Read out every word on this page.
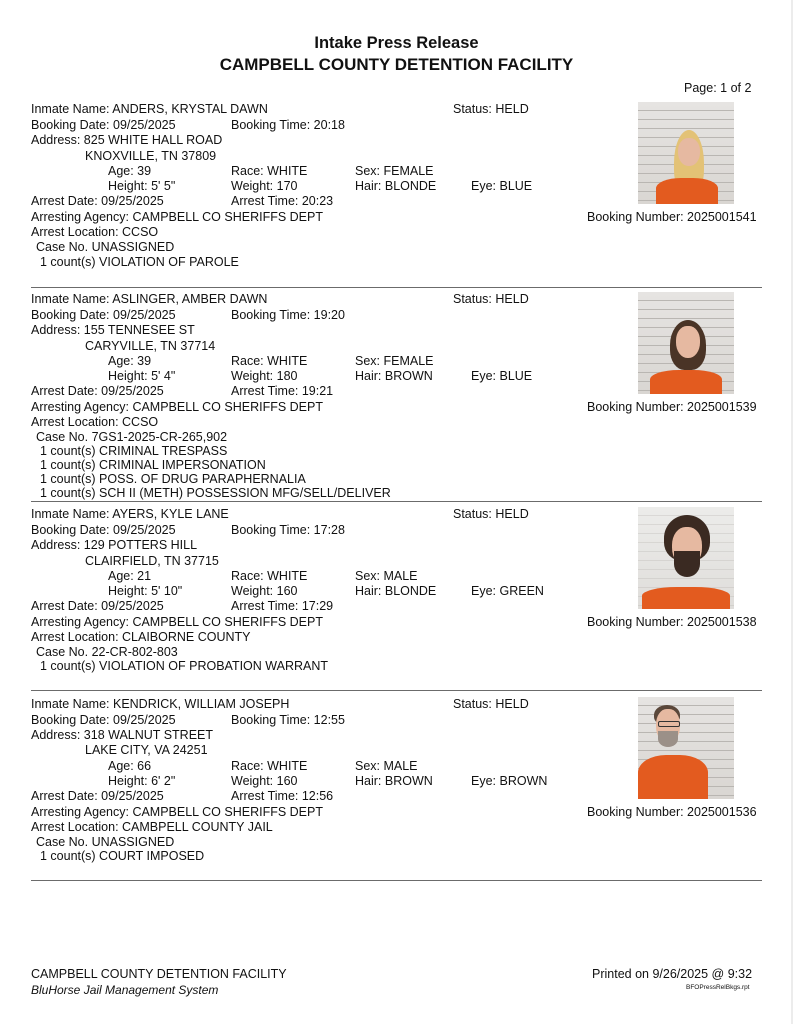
Intake Press Release
CAMPBELL COUNTY DETENTION FACILITY
Page: 1 of 2
Inmate Name: ANDERS, KRYSTAL DAWN	Status: HELD
Booking Date: 09/25/2025	Booking Time: 20:18
Address: 825 WHITE HALL ROAD
KNOXVILLE, TN 37809
Age: 39	Race: WHITE	Sex: FEMALE
Height: 5' 5"	Weight: 170	Hair: BLONDE	Eye: BLUE
Arrest Date: 09/25/2025	Arrest Time: 20:23
Arresting Agency: CAMPBELL CO SHERIFFS DEPT	Booking Number: 2025001541
Arrest Location: CCSO
Case No. UNASSIGNED
1 count(s) VIOLATION OF PAROLE
Inmate Name: ASLINGER, AMBER DAWN	Status: HELD
Booking Date: 09/25/2025	Booking Time: 19:20
Address: 155 TENNESEE ST
CARYVILLE, TN 37714
Age: 39	Race: WHITE	Sex: FEMALE
Height: 5' 4"	Weight: 180	Hair: BROWN	Eye: BLUE
Arrest Date: 09/25/2025	Arrest Time: 19:21
Arresting Agency: CAMPBELL CO SHERIFFS DEPT	Booking Number: 2025001539
Arrest Location: CCSO
Case No. 7GS1-2025-CR-265,902
1 count(s) CRIMINAL TRESPASS
1 count(s) CRIMINAL IMPERSONATION
1 count(s) POSS. OF DRUG PARAPHERNALIA
1 count(s) SCH II (METH) POSSESSION MFG/SELL/DELIVER
Inmate Name: AYERS, KYLE LANE	Status: HELD
Booking Date: 09/25/2025	Booking Time: 17:28
Address: 129 POTTERS HILL
CLAIRFIELD, TN 37715
Age: 21	Race: WHITE	Sex: MALE
Height: 5' 10"	Weight: 160	Hair: BLONDE	Eye: GREEN
Arrest Date: 09/25/2025	Arrest Time: 17:29
Arresting Agency: CAMPBELL CO SHERIFFS DEPT	Booking Number: 2025001538
Arrest Location: CLAIBORNE COUNTY
Case No. 22-CR-802-803
1 count(s) VIOLATION OF PROBATION WARRANT
Inmate Name: KENDRICK, WILLIAM JOSEPH	Status: HELD
Booking Date: 09/25/2025	Booking Time: 12:55
Address: 318 WALNUT STREET
LAKE CITY, VA 24251
Age: 66	Race: WHITE	Sex: MALE
Height: 6' 2"	Weight: 160	Hair: BROWN	Eye: BROWN
Arrest Date: 09/25/2025	Arrest Time: 12:56
Arresting Agency: CAMPBELL CO SHERIFFS DEPT	Booking Number: 2025001536
Arrest Location: CAMBPELL COUNTY JAIL
Case No. UNASSIGNED
1 count(s) COURT IMPOSED
CAMPBELL COUNTY DETENTION FACILITY
BluHorse Jail Management System
Printed on 9/26/2025 @ 9:32
BFOPressRelBkgs.rpt
